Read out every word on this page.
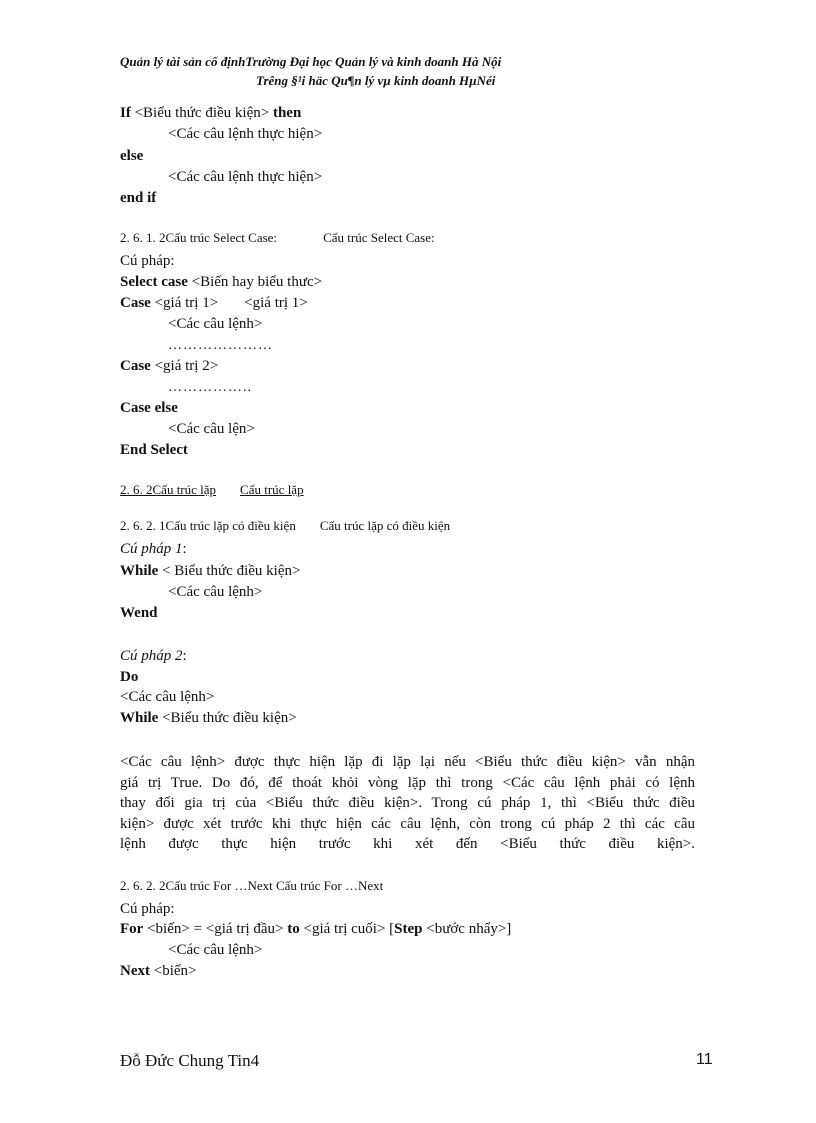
Quản lý tài sản cố địnhTrường Đại học Quản lý và kinh doanh Hà Nội
Trêng §¹i häc Qu¶n lý vµ kinh doanh HµNéi
If <Biểu thức điều kiện> then
<Các câu lệnh thực hiện>
else
<Các câu lệnh thực hiện>
end if
2. 6. 1. 2Cấu trúc Select Case:	Cấu trúc Select Case:
Cú pháp:
Select case <Biến hay biểu thưc>
Case <giá trị 1> <giá trị 1>
<Các câu lệnh>
…………………
Case <giá trị 2>
……………..
Case else
<Các câu lện>
End Select
2. 6. 2Cấu trúc lặp Cấu trúc lặp
2. 6. 2. 1Cấu trúc lặp có điều kiện Cấu trúc lặp có điều kiện
Cú pháp 1:
While < Biểu thức điều kiện>
<Các câu lệnh>
Wend
Cú pháp 2:
Do
<Các câu lệnh>
While <Biểu thức điều kiện>
<Các câu lệnh> được thực hiện lặp đi lặp lại nếu <Biểu thức điều kiện> vẫn nhận
giá trị True. Do đó, để thoát khỏi vòng lặp thì trong <Các câu lệnh phải có lệnh
thay đổi gia trị của <Biểu thức điều kiện>. Trong cú pháp 1, thì <Biểu thức điều
kiện> được xét trước khi thực hiện các câu lệnh, còn trong cú pháp 2 thì các câu
lệnh được thực hiện trước khi xét đến <Biểu thức điều kiện>.
2. 6. 2. 2Cấu trúc For …Next Cấu trúc For …Next
Cú pháp:
For <biến> = <giá trị đầu> to <giá trị cuối> [Step <bước nhẩy>]
<Các câu lệnh>
Next <biến>
Đỗ Đức Chung Tin4	11
